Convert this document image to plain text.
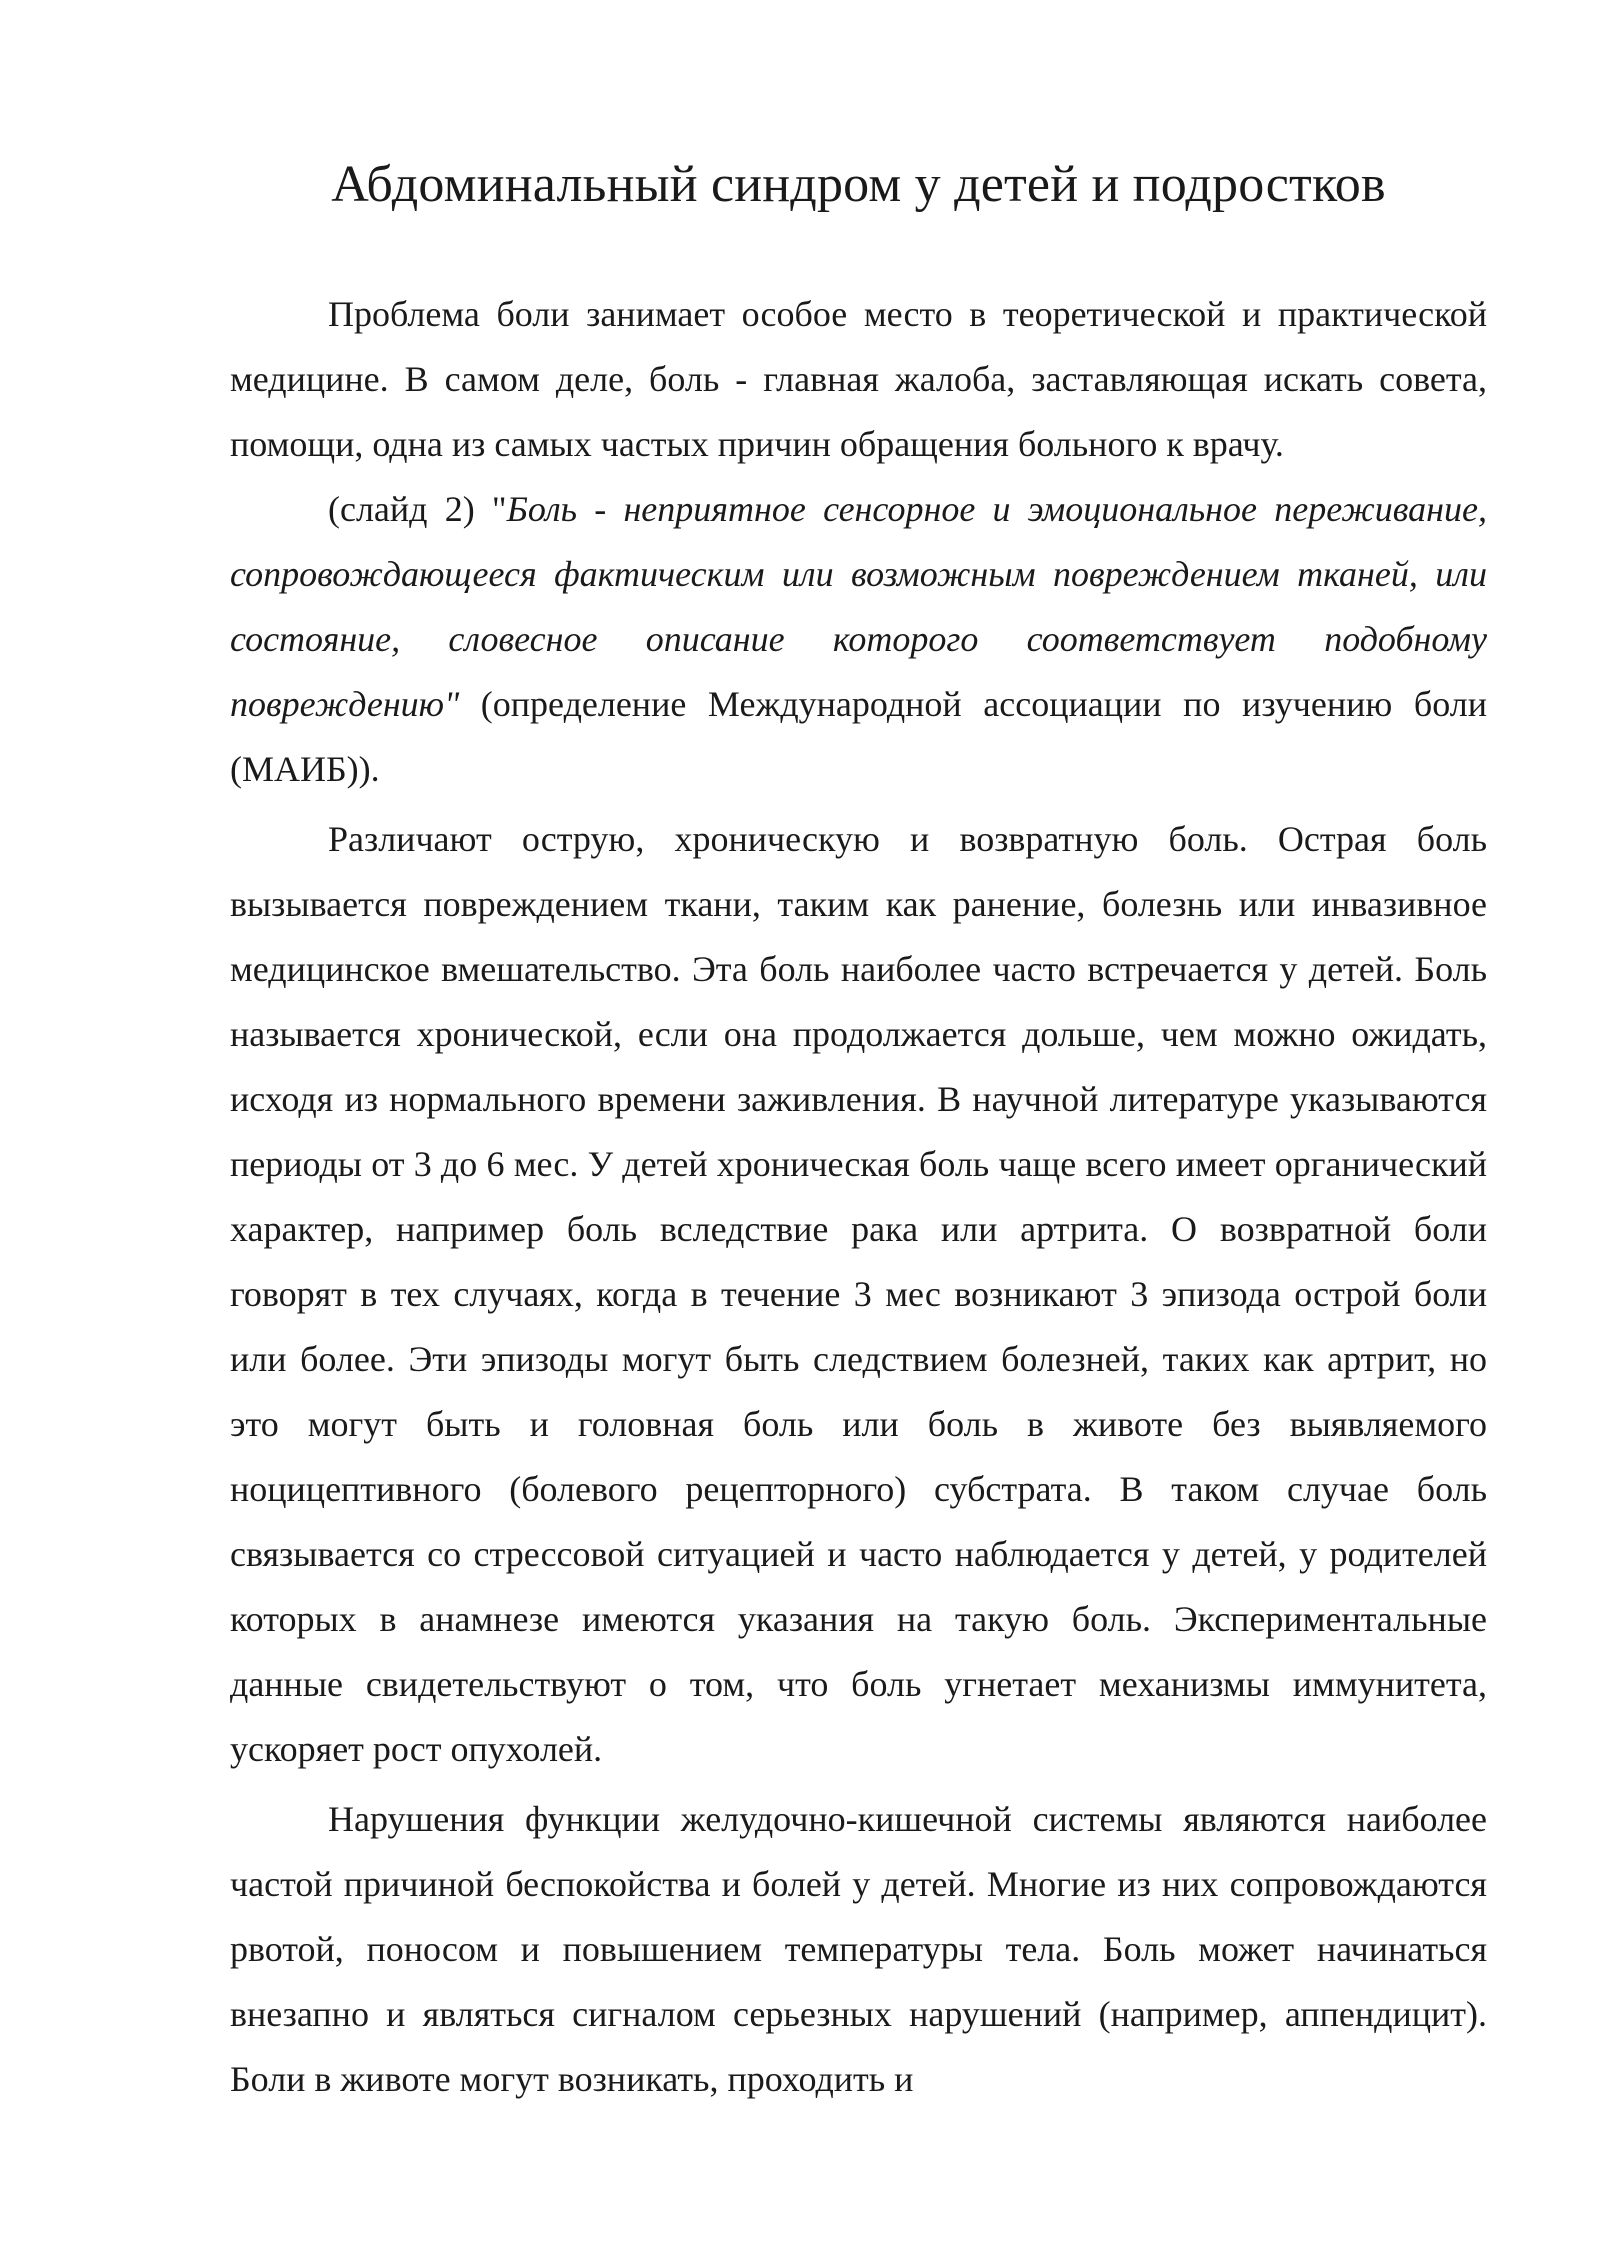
Абдоминальный синдром у детей и подростков

Проблема боли занимает особое место в теоретической и практической медицине. В самом деле, боль - главная жалоба, заставляющая искать совета, помощи, одна из самых частых причин обращения больного к врачу.

(слайд 2) "Боль - неприятное сенсорное и эмоциональное переживание, сопровождающееся фактическим или возможным повреждением тканей, или состояние, словесное описание которого соответствует подобному повреждению" (определение Международной ассоциации по изучению боли (МАИБ)).

Различают острую, хроническую и возвратную боль. Острая боль вызывается повреждением ткани, таким как ранение, болезнь или инвазивное медицинское вмешательство. Эта боль наиболее часто встречается у детей. Боль называется хронической, если она продолжается дольше, чем можно ожидать, исходя из нормального времени заживления. В научной литературе указываются периоды от 3 до 6 мес. У детей хроническая боль чаще всего имеет органический характер, например боль вследствие рака или артрита. О возвратной боли говорят в тех случаях, когда в течение 3 мес возникают 3 эпизода острой боли или более. Эти эпизоды могут быть следствием болезней, таких как артрит, но это могут быть и головная боль или боль в животе без выявляемого ноцицептивного (болевого рецепторного) субстрата. В таком случае боль связывается со стрессовой ситуацией и часто наблюдается у детей, у родителей которых в анамнезе имеются указания на такую боль. Экспериментальные данные свидетельствуют о том, что боль угнетает механизмы иммунитета, ускоряет рост опухолей.

Нарушения функции желудочно-кишечной системы являются наиболее частой причиной беспокойства и болей у детей. Многие из них сопровождаются рвотой, поносом и повышением температуры тела. Боль может начинаться внезапно и являться сигналом серьезных нарушений (например, аппендицит). Боли в животе могут возникать, проходить и
